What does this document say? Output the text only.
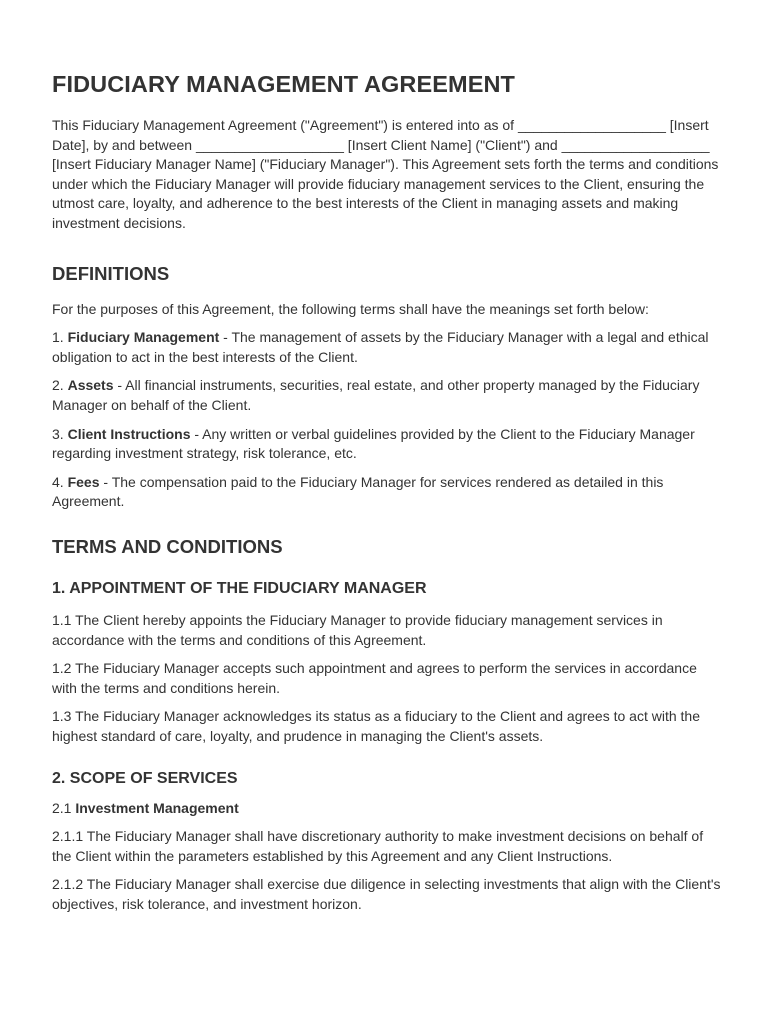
FIDUCIARY MANAGEMENT AGREEMENT

This Fiduciary Management Agreement ("Agreement") is entered into as of ___________________ [Insert Date], by and between ___________________ [Insert Client Name] ("Client") and ___________________ [Insert Fiduciary Manager Name] ("Fiduciary Manager"). This Agreement sets forth the terms and conditions under which the Fiduciary Manager will provide fiduciary management services to the Client, ensuring the utmost care, loyalty, and adherence to the best interests of the Client in managing assets and making investment decisions.

DEFINITIONS

For the purposes of this Agreement, the following terms shall have the meanings set forth below:

1. Fiduciary Management - The management of assets by the Fiduciary Manager with a legal and ethical obligation to act in the best interests of the Client.

2. Assets - All financial instruments, securities, real estate, and other property managed by the Fiduciary Manager on behalf of the Client.

3. Client Instructions - Any written or verbal guidelines provided by the Client to the Fiduciary Manager regarding investment strategy, risk tolerance, etc.

4. Fees - The compensation paid to the Fiduciary Manager for services rendered as detailed in this Agreement.

TERMS AND CONDITIONS
1. APPOINTMENT OF THE FIDUCIARY MANAGER

1.1 The Client hereby appoints the Fiduciary Manager to provide fiduciary management services in accordance with the terms and conditions of this Agreement.

1.2 The Fiduciary Manager accepts such appointment and agrees to perform the services in accordance with the terms and conditions herein.

1.3 The Fiduciary Manager acknowledges its status as a fiduciary to the Client and agrees to act with the highest standard of care, loyalty, and prudence in managing the Client's assets.

2. SCOPE OF SERVICES

2.1 Investment Management

2.1.1 The Fiduciary Manager shall have discretionary authority to make investment decisions on behalf of the Client within the parameters established by this Agreement and any Client Instructions.

2.1.2 The Fiduciary Manager shall exercise due diligence in selecting investments that align with the Client's objectives, risk tolerance, and investment horizon.
